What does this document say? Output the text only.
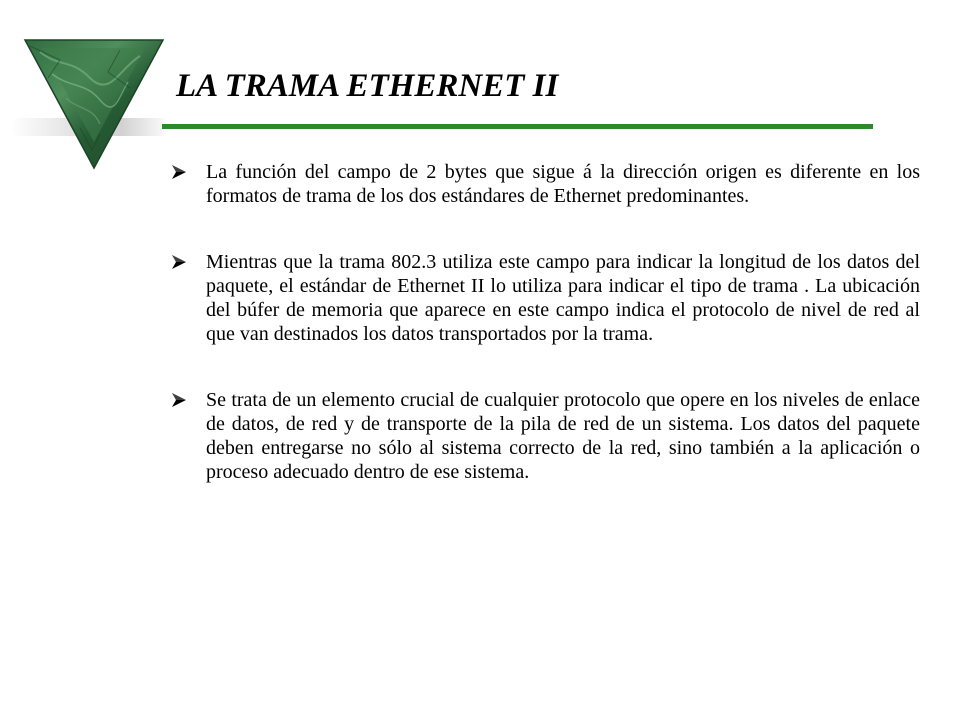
LA TRAMA ETHERNET II
La función del campo de 2 bytes que sigue á la dirección origen es diferente en los formatos de trama de los dos estándares de Ethernet predominantes.
Mientras que la trama 802.3 utiliza este campo para indicar la longitud de los datos del paquete, el estándar de Ethernet II lo utiliza para indicar el tipo de trama . La ubicación del búfer de memoria que aparece en este campo indica el protocolo de nivel de red al que van destinados los datos transportados por la trama.
Se trata de un elemento crucial de cualquier protocolo que opere en los niveles de enlace de datos, de red y de transporte de la pila de red de un sistema. Los datos del paquete deben entregarse no sólo al sistema correcto de la red, sino también a la aplicación o proceso adecuado dentro de ese sistema.
